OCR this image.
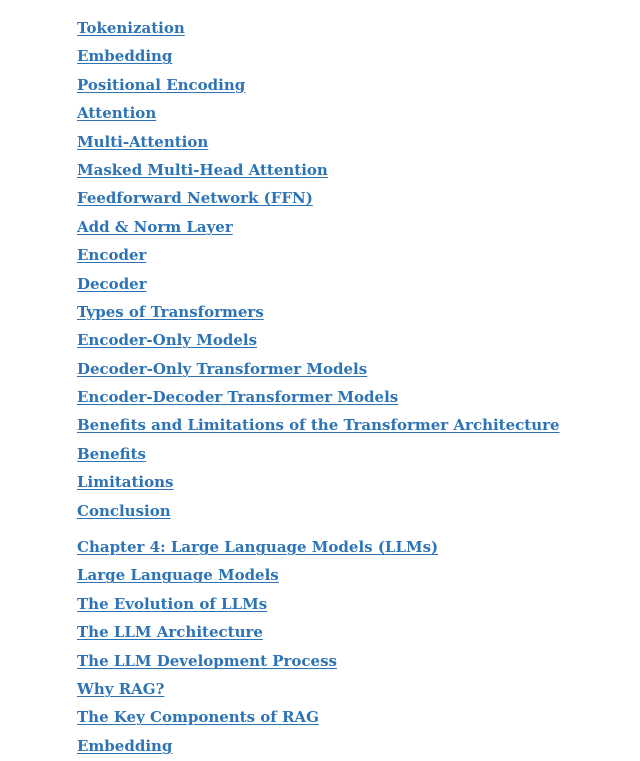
Tokenization
Embedding
Positional Encoding
Attention
Multi-Attention
Masked Multi-Head Attention
Feedforward Network (FFN)
Add & Norm Layer
Encoder
Decoder
Types of Transformers
Encoder-Only Models
Decoder-Only Transformer Models
Encoder-Decoder Transformer Models
Benefits and Limitations of the Transformer Architecture
Benefits
Limitations
Conclusion
Chapter 4: Large Language Models (LLMs)
Large Language Models
The Evolution of LLMs
The LLM Architecture
The LLM Development Process
Why RAG?
The Key Components of RAG
Embedding
